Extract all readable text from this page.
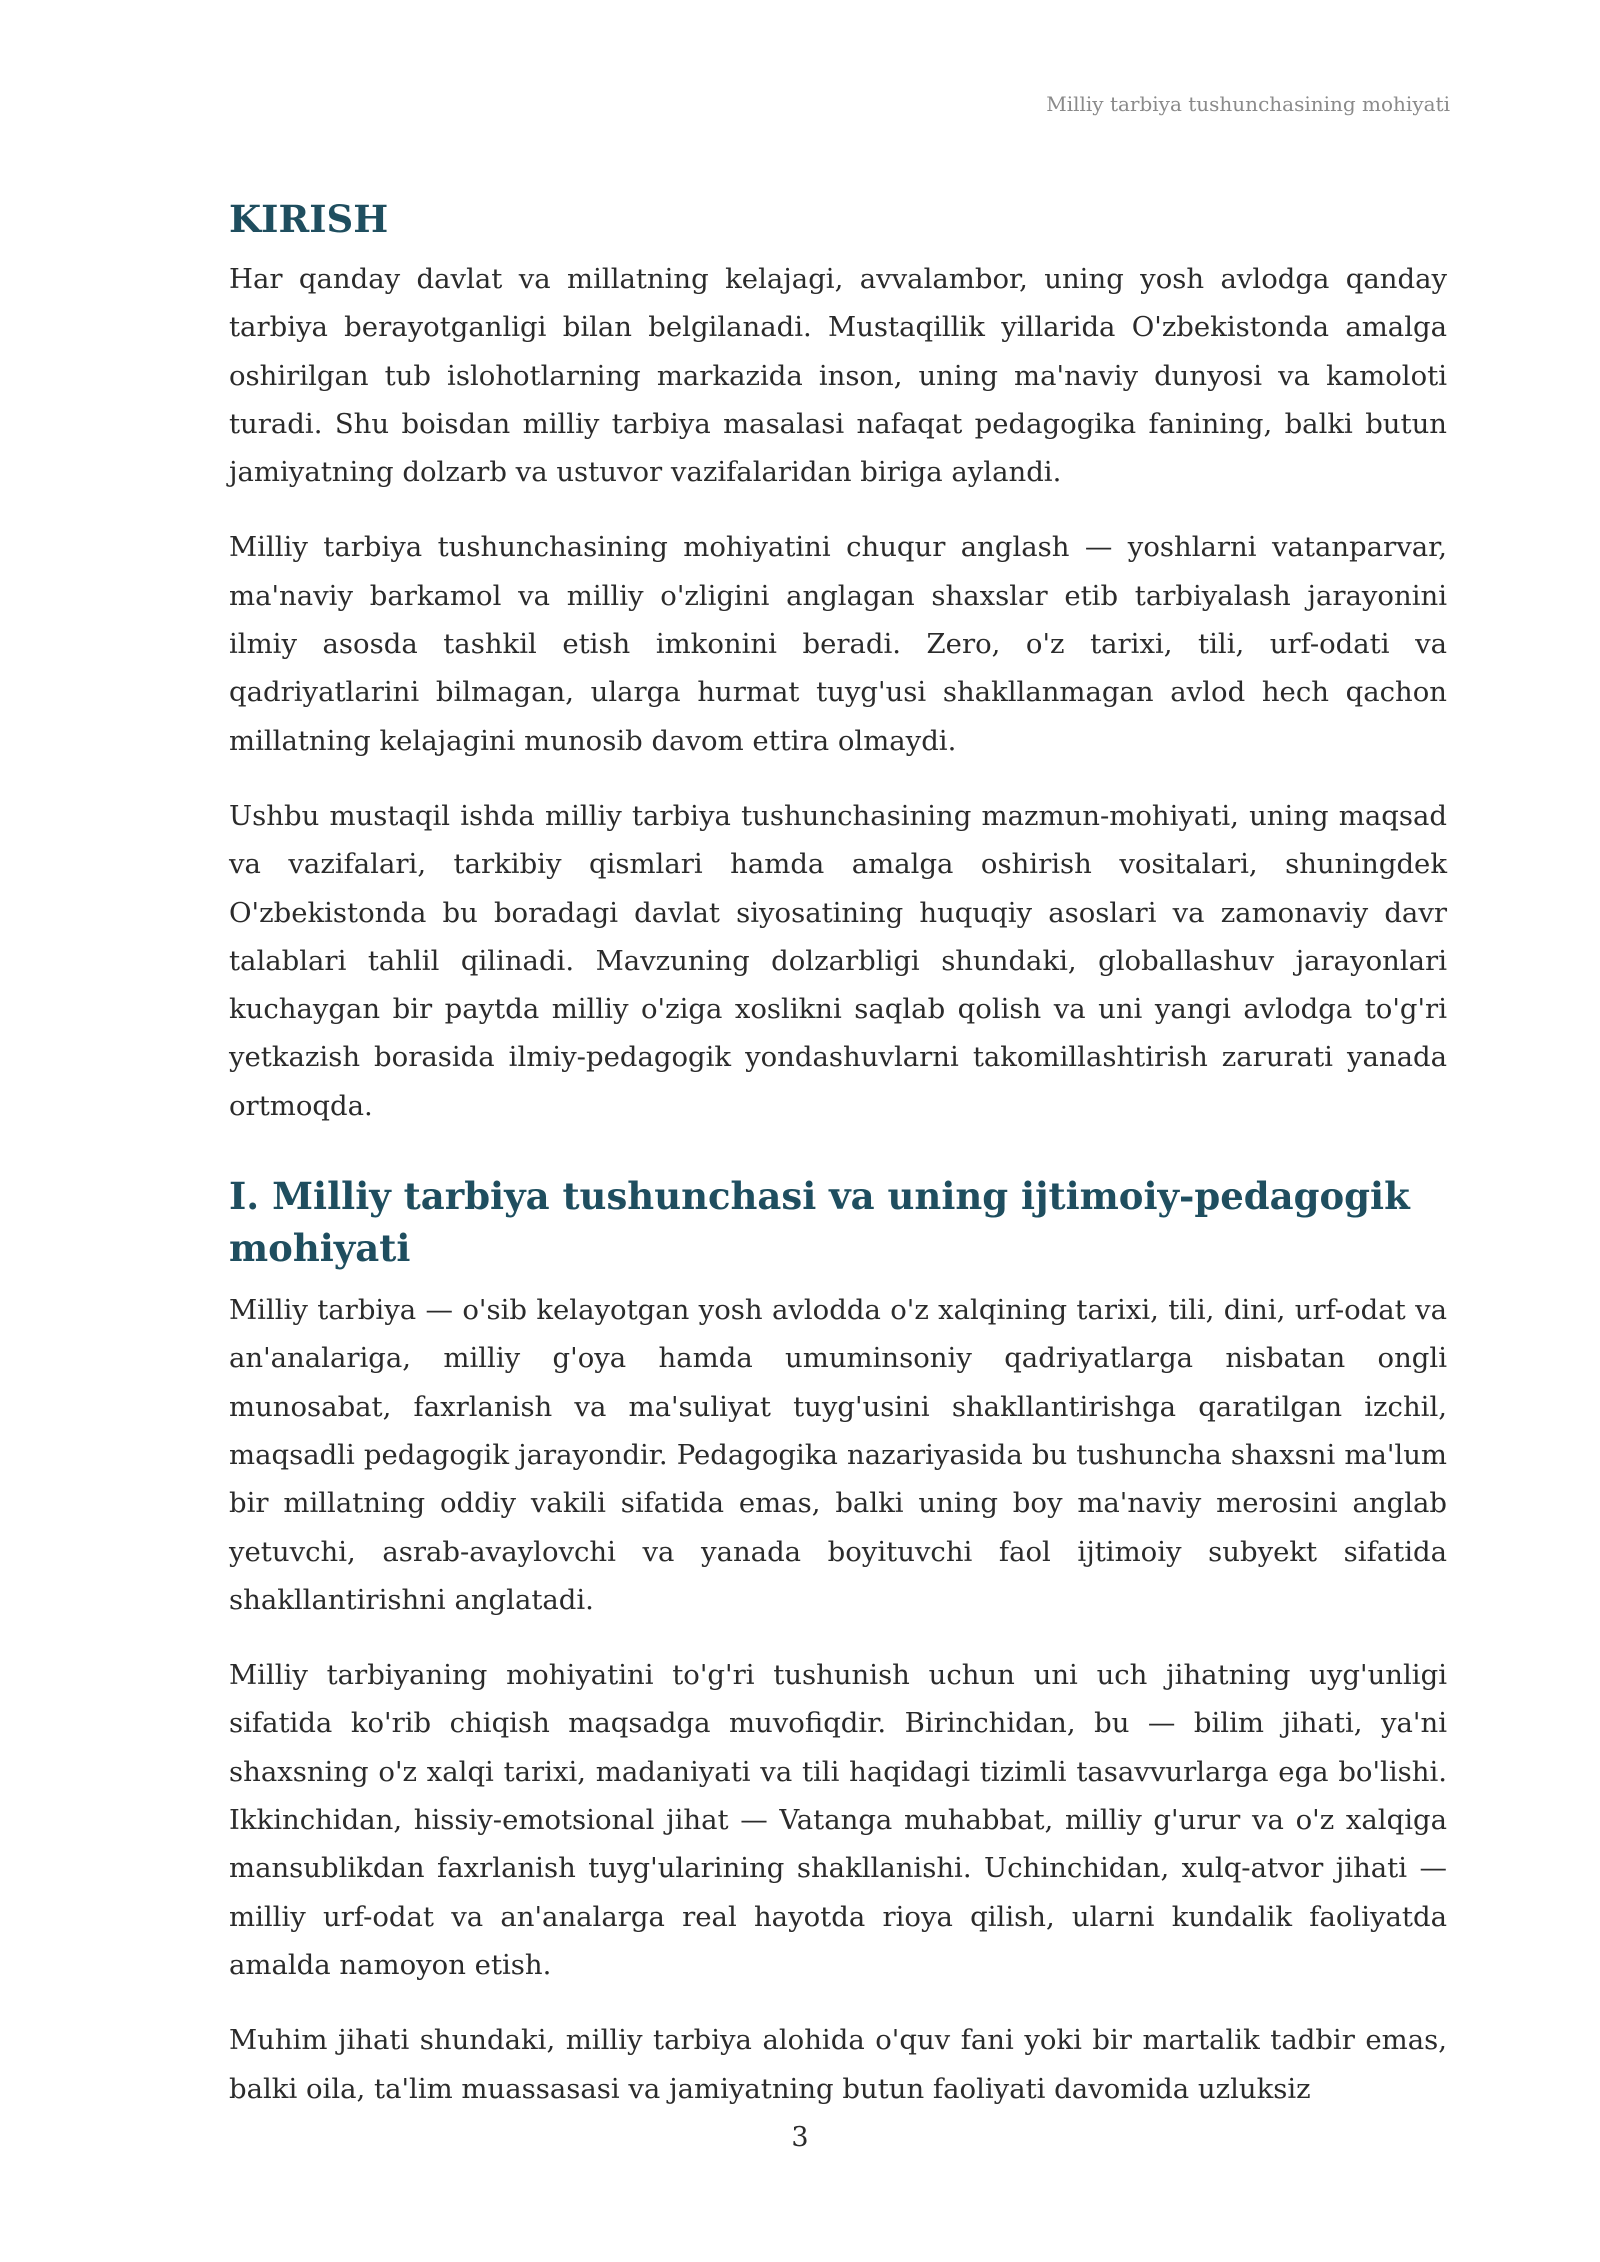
Milliy tarbiya tushunchasining mohiyati
KIRISH

Har qanday davlat va millatning kelajagi, avvalambor, uning yosh avlodga qanday tarbiya berayotganligi bilan belgilanadi. Mustaqillik yillarida O'zbekistonda amalga oshirilgan tub islohotlarning markazida inson, uning ma'naviy dunyosi va kamoloti turadi. Shu boisdan milliy tarbiya masalasi nafaqat pedagogika fanining, balki butun jamiyatning dolzarb va ustuvor vazifalaridan biriga aylandi.

Milliy tarbiya tushunchasining mohiyatini chuqur anglash — yoshlarni vatanparvar, ma'naviy barkamol va milliy o'zligini anglagan shaxslar etib tarbiyalash jarayonini ilmiy asosda tashkil etish imkonini beradi. Zero, o'z tarixi, tili, urf-odati va qadriyatlarini bilmagan, ularga hurmat tuyg'usi shakllanmagan avlod hech qachon millatning kelajagini munosib davom ettira olmaydi.

Ushbu mustaqil ishda milliy tarbiya tushunchasining mazmun-mohiyati, uning maqsad va vazifalari, tarkibiy qismlari hamda amalga oshirish vositalari, shuningdek O'zbekistonda bu boradagi davlat siyosatining huquqiy asoslari va zamonaviy davr talablari tahlil qilinadi. Mavzuning dolzarbligi shundaki, globallashuv jarayonlari kuchaygan bir paytda milliy o'ziga xoslikni saqlab qolish va uni yangi avlodga to'g'ri yetkazish borasida ilmiy-pedagogik yondashuvlarni takomillashtirish zarurati yanada ortmoqda.

I. Milliy tarbiya tushunchasi va uning ijtimoiy-pedagogik mohiyati

Milliy tarbiya — o'sib kelayotgan yosh avlodda o'z xalqining tarixi, tili, dini, urf-odat va an'analariga, milliy g'oya hamda umuminsoniy qadriyatlarga nisbatan ongli munosabat, faxrlanish va ma'suliyat tuyg'usini shakllantirishga qaratilgan izchil, maqsadli pedagogik jarayondir. Pedagogika nazariyasida bu tushuncha shaxsni ma'lum bir millatning oddiy vakili sifatida emas, balki uning boy ma'naviy merosini anglab yetuvchi, asrab-avaylovchi va yanada boyituvchi faol ijtimoiy subyekt sifatida shakllantirishni anglatadi.

Milliy tarbiyaning mohiyatini to'g'ri tushunish uchun uni uch jihatning uyg'unligi sifatida ko'rib chiqish maqsadga muvofiqdir. Birinchidan, bu — bilim jihati, ya'ni shaxsning o'z xalqi tarixi, madaniyati va tili haqidagi tizimli tasavvurlarga ega bo'lishi. Ikkinchidan, hissiy-emotsional jihat — Vatanga muhabbat, milliy g'urur va o'z xalqiga mansublikdan faxrlanish tuyg'ularining shakllanishi. Uchinchidan, xulq-atvor jihati — milliy urf-odat va an'analarga real hayotda rioya qilish, ularni kundalik faoliyatda amalda namoyon etish.

Muhim jihati shundaki, milliy tarbiya alohida o'quv fani yoki bir martalik tadbir emas, balki oila, ta'lim muassasasi va jamiyatning butun faoliyati davomida uzluksiz

3
